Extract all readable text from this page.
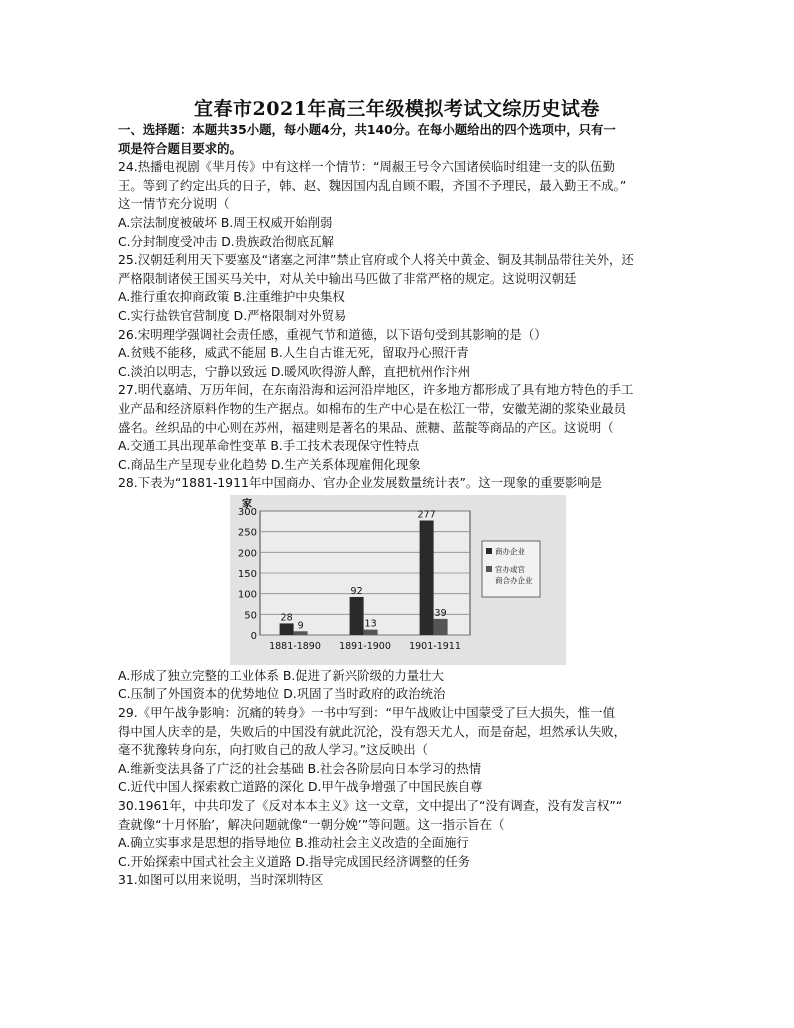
宜春市2021年高三年级模拟考试文综历史试卷
一、选择题：本题共35小题，每小题4分，共140分。在每小题给出的四个选项中，只有一
项是符合题目要求的。
24.热播电视剧《芈月传》中有这样一个情节：“周赧王号令六国诸侯临时组建一支的队伍勤
王。等到了约定出兵的日子，韩、赵、魏因国内乱自顾不暇，齐国不予理民，最入勤王不成。”
这一情节充分说明（
A.宗法制度被破坏 B.周王权威开始削弱
C.分封制度受冲击 D.贵族政治彻底瓦解
25.汉朝廷利用天下要塞及“诸塞之河津”禁止官府或个人将关中黄金、铜及其制品带往关外，还
严格限制诸侯王国买马关中，对从关中输出马匹做了非常严格的规定。这说明汉朝廷
A.推行重农抑商政策 B.注重维护中央集权
C.实行盐铁官营制度 D.严格限制对外贸易
26.宋明理学强调社会责任感，重视气节和道德，以下语句受到其影响的是（）
A.贫贱不能移，威武不能屈 B.人生自古谁无死，留取丹心照汗青
C.淡泊以明志，宁静以致远 D.暖风吹得游人醉，直把杭州作汴州
27.明代嘉靖、万历年间，在东南沿海和运河沿岸地区，许多地方都形成了具有地方特色的手工
业产品和经济原料作物的生产据点。如棉布的生产中心是在松江一带，安徽芜湖的浆染业最员
盛名。丝织品的中心则在苏州，福建则是著名的果品、蔗糖、蓝靛等商品的产区。这说明（
A.交通工具出现革命性变革 B.手工技术表现保守性特点
C.商品生产呈现专业化趋势 D.生产关系体现雇佣化现象
28.下表为“1881-1911年中国商办、官办企业发展数量统计表”。这一现象的重要影响是
0
50
100
150
200
250
300
家
28
9
1881-1890
92
13
1891-1900
277
39
1901-1911
商办企业
官办或官
商合办企业
A.形成了独立完整的工业体系 B.促进了新兴阶级的力量壮大
C.压制了外国资本的优势地位 D.巩固了当时政府的政治统治
29.《甲午战争影响：沉痛的转身》一书中写到：“甲午战败让中国蒙受了巨大损失，惟一值
得中国人庆幸的是，失败后的中国没有就此沉沦，没有怨天尤人，而是奋起，坦然承认失败，
毫不犹豫转身向东，向打败自己的敌人学习。”这反映出（
A.维新变法具备了广泛的社会基础 B.社会各阶层向日本学习的热情
C.近代中国人探索救亡道路的深化 D.甲午战争增强了中国民族自尊
30.1961年，中共印发了《反对本本主义》这一文章，文中提出了“没有调查，没有发言权”“
查就像“十月怀胎’，解决问题就像“一朝分娩’”等问题。这一指示旨在（
A.确立实事求是思想的指导地位 B.推动社会主义改造的全面施行
C.开始探索中国式社会主义道路 D.指导完成国民经济调整的任务
31.如图可以用来说明，当时深圳特区
